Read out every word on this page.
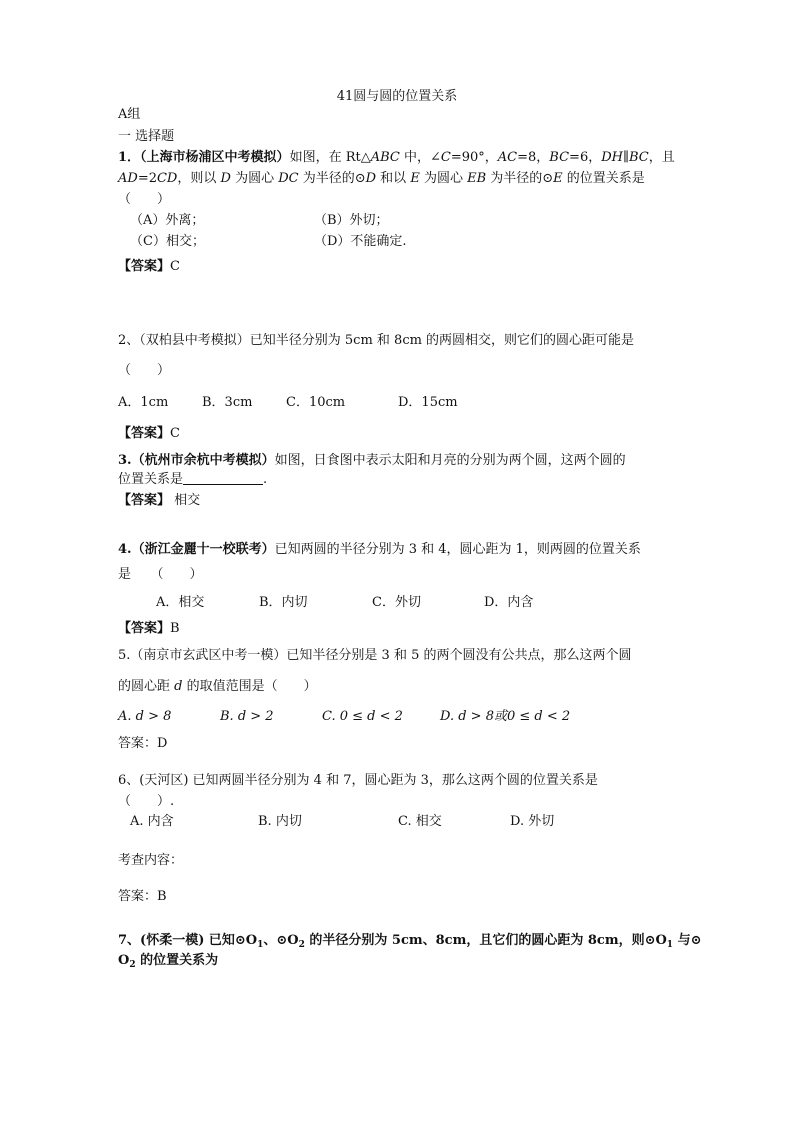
41圆与圆的位置关系
A组
一 选择题
1．（上海市杨浦区中考模拟）如图，在 Rt△ABC 中，∠C=90°，AC=8，BC=6，DH∥BC，且
AD=2CD，则以 D 为圆心 DC 为半径的⊙D 和以 E 为圆心 EB 为半径的⊙E 的位置关系是
（　　）
（A）外离；	（B）外切；
（C）相交；	（D）不能确定.
【答案】C
2、（双柏县中考模拟）已知半径分别为 5cm 和 8cm 的两圆相交，则它们的圆心距可能是
（　　）
A．1cm	B．3cm	C．10cm	D．15cm
【答案】C
3.（杭州市余杭中考模拟）如图，日食图中表示太阳和月亮的分别为两个圆，这两个圆的
位置关系是	.
【答案】 相交
4.（浙江金麗十一校联考）已知两圆的半径分别为 3 和 4，圆心距为 1，则两圆的位置关系
是　　（　　）
A．相交	B．内切	C．外切	D．内含
【答案】B
5.（南京市玄武区中考一模）已知半径分别是 3 和 5 的两个圆没有公共点，那么这两个圆
的圆心距 d 的取值范围是（　　）
A. d > 8	B. d > 2	C. 0 ≤ d < 2	D. d > 8或0 ≤ d < 2
答案：D
6、(天河区) 已知两圆半径分别为 4 和 7，圆心距为 3，那么这两个圆的位置关系是
（　　）.
A. 内含	B. 内切	C. 相交	D. 外切
考查内容：
答案：B
7、(怀柔一模) 已知$⊙O_1$、$⊙O_2$ 的半径分别为 5cm、8cm，且它们的圆心距为 8cm，则$⊙O_1$ 与⊙
$O_2$ 的位置关系为
